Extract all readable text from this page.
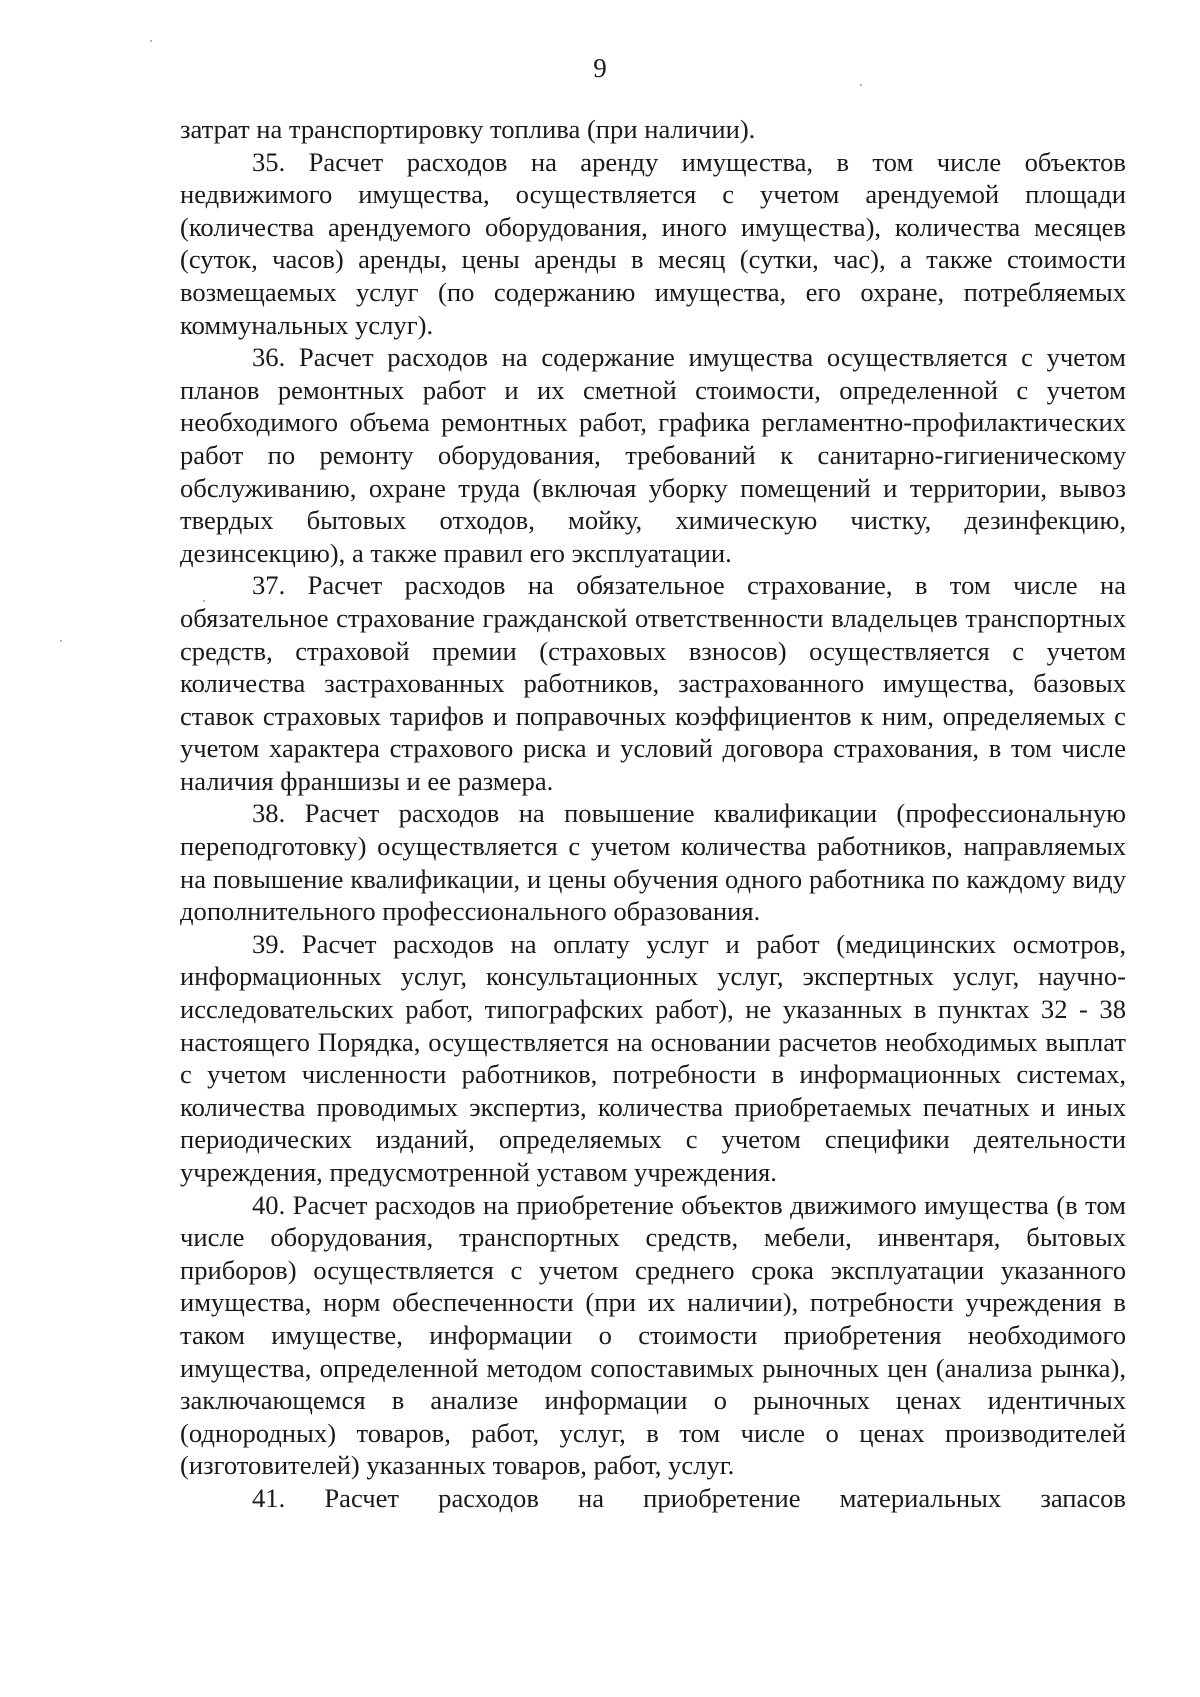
9

затрат на транспортировку топлива (при наличии).

35. Расчет расходов на аренду имущества, в том числе объектов недвижимого имущества, осуществляется с учетом арендуемой площади (количества арендуемого оборудования, иного имущества), количества месяцев (суток, часов) аренды, цены аренды в месяц (сутки, час), а также стоимости возмещаемых услуг (по содержанию имущества, его охране, потребляемых коммунальных услуг).

36. Расчет расходов на содержание имущества осуществляется с учетом планов ремонтных работ и их сметной стоимости, определенной с учетом необходимого объема ремонтных работ, графика регламентно-профилактических работ по ремонту оборудования, требований к санитарно-гигиеническому обслуживанию, охране труда (включая уборку помещений и территории, вывоз твердых бытовых отходов, мойку, химическую чистку, дезинфекцию, дезинсекцию), а также правил его эксплуатации.

37. Расчет расходов на обязательное страхование, в том числе на обязательное страхование гражданской ответственности владельцев транспортных средств, страховой премии (страховых взносов) осуществляется с учетом количества застрахованных работников, застрахованного имущества, базовых ставок страховых тарифов и поправочных коэффициентов к ним, определяемых с учетом характера страхового риска и условий договора страхования, в том числе наличия франшизы и ее размера.

38. Расчет расходов на повышение квалификации (профессиональную переподготовку) осуществляется с учетом количества работников, направляемых на повышение квалификации, и цены обучения одного работника по каждому виду дополнительного профессионального образования.

39. Расчет расходов на оплату услуг и работ (медицинских осмотров, информационных услуг, консультационных услуг, экспертных услуг, научно-исследовательских работ, типографских работ), не указанных в пунктах 32 - 38 настоящего Порядка, осуществляется на основании расчетов необходимых выплат с учетом численности работников, потребности в информационных системах, количества проводимых экспертиз, количества приобретаемых печатных и иных периодических изданий, определяемых с учетом специфики деятельности учреждения, предусмотренной уставом учреждения.

40. Расчет расходов на приобретение объектов движимого имущества (в том числе оборудования, транспортных средств, мебели, инвентаря, бытовых приборов) осуществляется с учетом среднего срока эксплуатации указанного имущества, норм обеспеченности (при их наличии), потребности учреждения в таком имуществе, информации о стоимости приобретения необходимого имущества, определенной методом сопоставимых рыночных цен (анализа рынка), заключающемся в анализе информации о рыночных ценах идентичных (однородных) товаров, работ, услуг, в том числе о ценах производителей (изготовителей) указанных товаров, работ, услуг.

41. Расчет расходов на приобретение материальных запасов
